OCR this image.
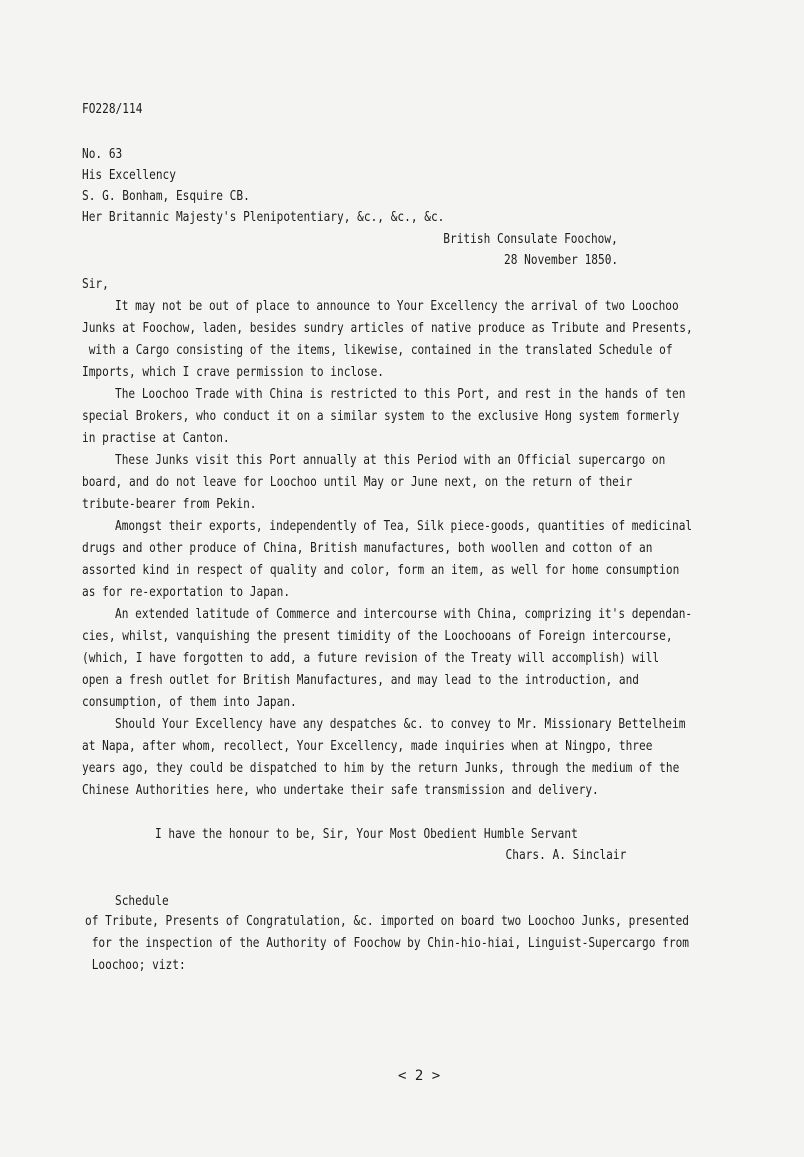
FO228/114
No. 63
His Excellency
S. G. Bonham, Esquire CB.
Her Britannic Majesty's Plenipotentiary, &c., &c., &c.
British Consulate Foochow,
28 November 1850.
Sir,
It may not be out of place to announce to Your Excellency the arrival of two Loochoo
Junks at Foochow, laden, besides sundry articles of native produce as Tribute and Presents,
with a Cargo consisting of the items, likewise, contained in the translated Schedule of
Imports, which I crave permission to inclose.
The Loochoo Trade with China is restricted to this Port, and rest in the hands of ten
special Brokers, who conduct it on a similar system to the exclusive Hong system formerly
in practise at Canton.
These Junks visit this Port annually at this Period with an Official supercargo on
board, and do not leave for Loochoo until May or June next, on the return of their
tribute-bearer from Pekin.
Amongst their exports, independently of Tea, Silk piece-goods, quantities of medicinal
drugs and other produce of China, British manufactures, both woollen and cotton of an
assorted kind in respect of quality and color, form an item, as well for home consumption
as for re-exportation to Japan.
An extended latitude of Commerce and intercourse with China, comprizing it's dependan-
cies, whilst, vanquishing the present timidity of the Loochooans of Foreign intercourse,
(which, I have forgotten to add, a future revision of the Treaty will accomplish) will
open a fresh outlet for British Manufactures, and may lead to the introduction, and
consumption, of them into Japan.
Should Your Excellency have any despatches &c. to convey to Mr. Missionary Bettelheim
at Napa, after whom, recollect, Your Excellency, made inquiries when at Ningpo, three
years ago, they could be dispatched to him by the return Junks, through the medium of the
Chinese Authorities here, who undertake their safe transmission and delivery.
I have the honour to be, Sir, Your Most Obedient Humble Servant
Chars. A. Sinclair
Schedule
of Tribute, Presents of Congratulation, &c. imported on board two Loochoo Junks, presented
for the inspection of the Authority of Foochow by Chin-hio-hiai, Linguist-Supercargo from
Loochoo; vizt:
< 2 >
